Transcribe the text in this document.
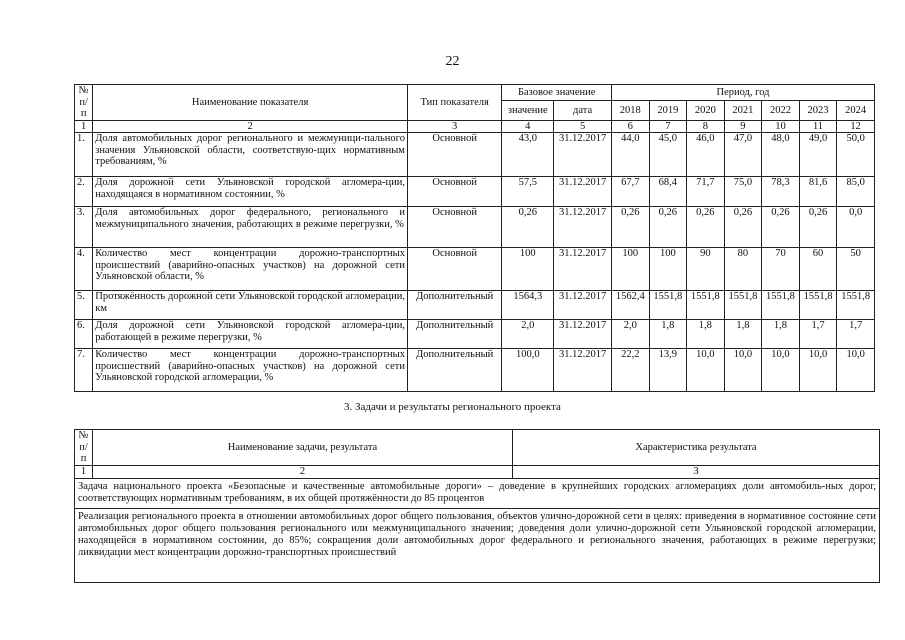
22
№ п/п	Наименование показателя	Тип показателя	Базовое значение		Период, год						
			значение	дата	2018	2019	2020	2021	2022	2023	2024
1	2	3	4	5	6	7	8	9	10	11	12
1.	Доля автомобильных дорог регионального и межмуници-пального значения Ульяновской области, соответствую-щих нормативным требованиям, %	Основной	43,0	31.12.2017	44,0	45,0	46,0	47,0	48,0	49,0	50,0
2.	Доля дорожной сети Ульяновской городской агломера-ции, находящаяся в нормативном состоянии, %	Основной	57,5	31.12.2017	67,7	68,4	71,7	75,0	78,3	81,6	85,0
3.	Доля автомобильных дорог федерального, регионального и межмуниципального значения, работающих в режиме перегрузки, %	Основной	0,26	31.12.2017	0,26	0,26	0,26	0,26	0,26	0,26	0,0
4.	Количество мест концентрации дорожно-транспортных происшествий (аварийно-опасных участков) на дорожной сети Ульяновской области, %	Основной	100	31.12.2017	100	100	90	80	70	60	50
5.	Протяжённость дорожной сети Ульяновской городской агломерации, км	Дополнительный	1564,3	31.12.2017	1562,4	1551,8	1551,8	1551,8	1551,8	1551,8	1551,8
6.	Доля дорожной сети Ульяновской городской агломера-ции, работающей в режиме перегрузки, %	Дополнительный	2,0	31.12.2017	2,0	1,8	1,8	1,8	1,8	1,7	1,7
7.	Количество мест концентрации дорожно-транспортных происшествий (аварийно-опасных участков) на дорожной сети Ульяновской городской агломерации, %	Дополнительный	100,0	31.12.2017	22,2	13,9	10,0	10,0	10,0	10,0	10,0
3. Задачи и результаты регионального проекта
№ п/п	Наименование задачи, результата	Характеристика результата
1	2	3
Задача национального проекта «Безопасные и качественные автомобильные дороги» – доведение в крупнейших городских агломерациях доли автомобиль-ных дорог, соответствующих нормативным требованиям, в их общей протяжённости до 85 процентов		
Реализация регионального проекта в отношении автомобильных дорог общего пользования, объектов улично-дорожной сети в целях: приведения в нормативное состояние сети автомобильных дорог общего пользования регионального или межмуниципального значения; доведения доли улично-дорожной сети Ульяновской городской агломерации, находящейся в нормативном состоянии, до 85%; сокращения доли автомобильных дорог федерального и регионального значения, работающих в режиме перегрузки; ликвидации мест концентрации дорожно-транспортных происшествий		
